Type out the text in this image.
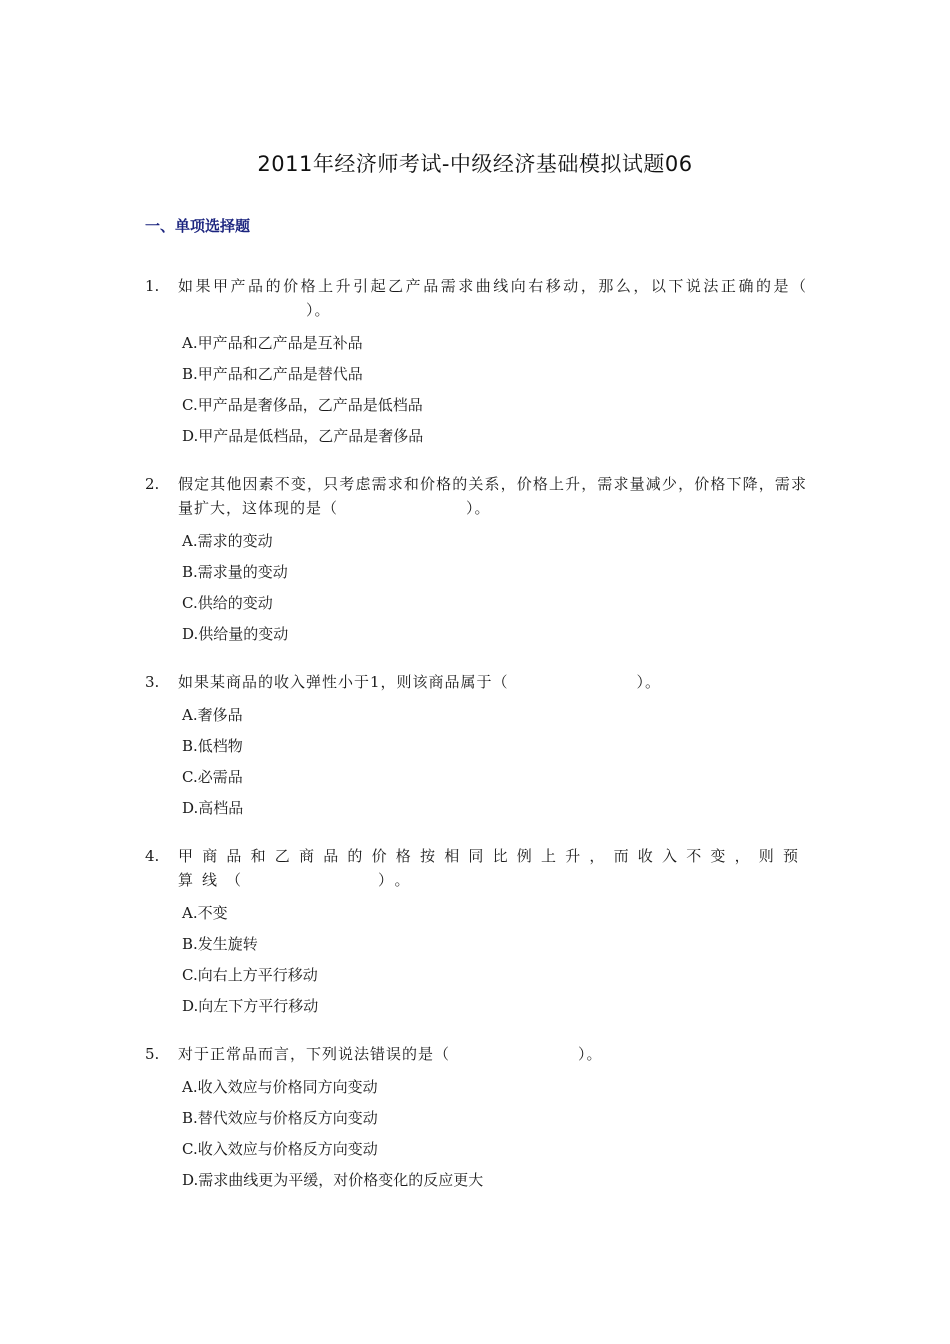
2011年经济师考试-中级经济基础模拟试题06
一、单项选择题
1.	如果甲产品的价格上升引起乙产品需求曲线向右移动，那么，以下说法正确的是（）。
A.甲产品和乙产品是互补品
B.甲产品和乙产品是替代品
C.甲产品是奢侈品，乙产品是低档品
D.甲产品是低档品，乙产品是奢侈品
2.	假定其他因素不变，只考虑需求和价格的关系，价格上升，需求量减少，价格下降，需求量扩大，这体现的是（	）。
A.需求的变动
B.需求量的变动
C.供给的变动
D.供给量的变动
3.	如果某商品的收入弹性小于1，则该商品属于（	）。
A.奢侈品
B.低档物
C.必需品
D.高档品
4.	甲商品和乙商品的价格按相同比例上升，而收入不变，则预算线（	）。
A.不变
B.发生旋转
C.向右上方平行移动
D.向左下方平行移动
5.	对于正常品而言，下列说法错误的是（	）。
A.收入效应与价格同方向变动
B.替代效应与价格反方向变动
C.收入效应与价格反方向变动
D.需求曲线更为平缓，对价格变化的反应更大
